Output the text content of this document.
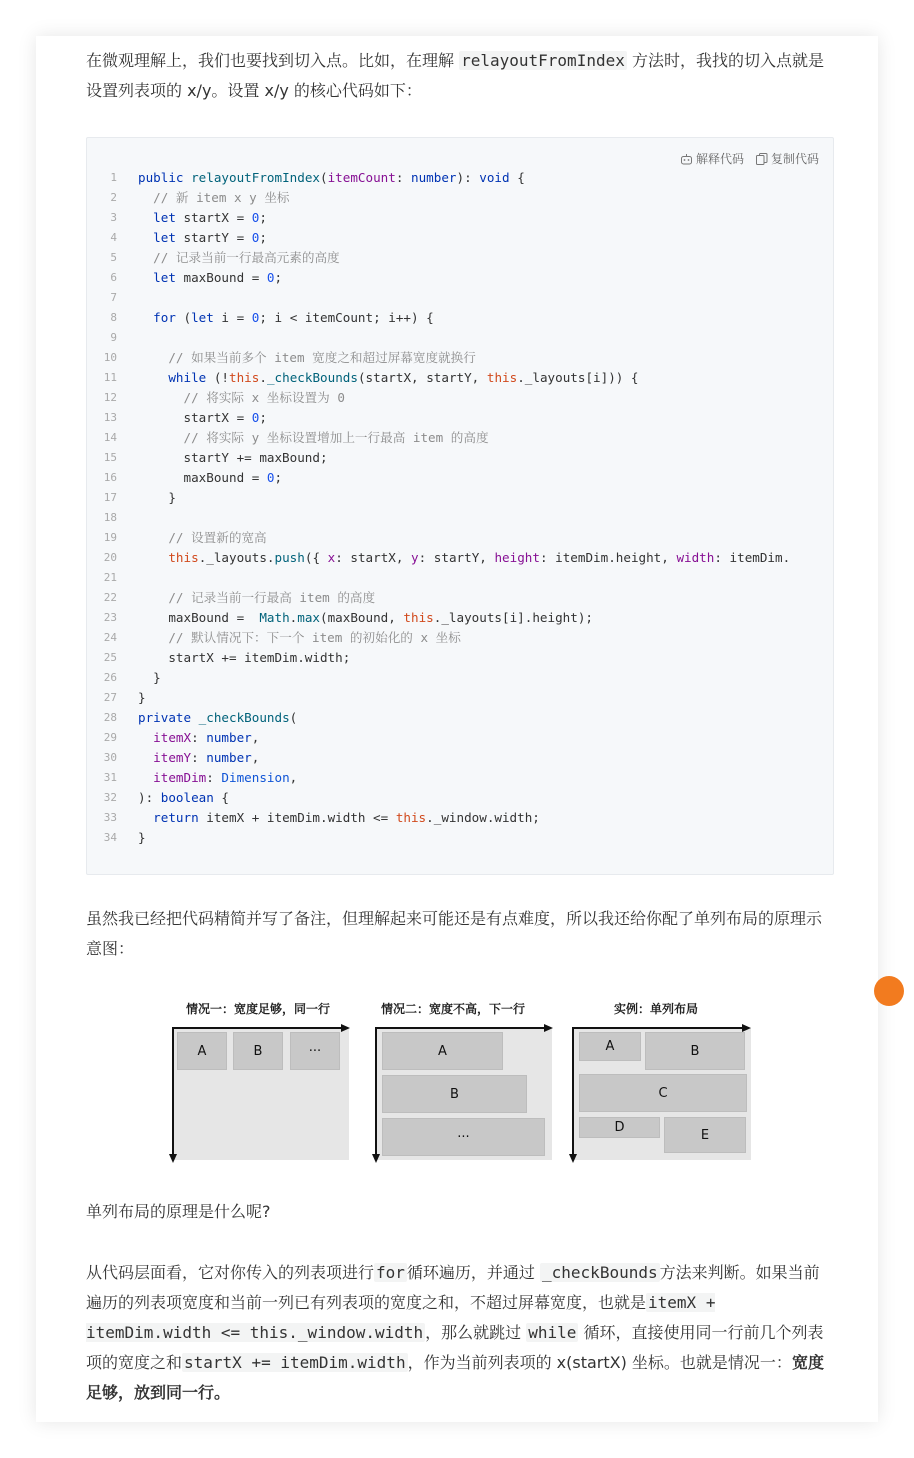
在微观理解上，我们也要找到切入点。比如，在理解 relayoutFromIndex 方法时，我找的切入点就是设置列表项的 x/y。设置 x/y 的核心代码如下：

解释代码 复制代码
1	public relayoutFromIndex(itemCount: number): void {
2	// 新 item x y 坐标
3	let startX = 0;
4	let startY = 0;
5	// 记录当前一行最高元素的高度
6	let maxBound = 0;
7
8	for (let i = 0; i < itemCount; i++) {
9
10	// 如果当前多个 item 宽度之和超过屏幕宽度就换行
11	while (!this._checkBounds(startX, startY, this._layouts[i])) {
12	// 将实际 x 坐标设置为 0
13	startX = 0;
14	// 将实际 y 坐标设置增加上一行最高 item 的高度
15	startY += maxBound;
16	maxBound = 0;
17	}
18
19	// 设置新的宽高
20	this._layouts.push({ x: startX, y: startY, height: itemDim.height, width: itemDim.
21
22	// 记录当前一行最高 item 的高度
23	maxBound =  Math.max(maxBound, this._layouts[i].height);
24	// 默认情况下：下一个 item 的初始化的 x 坐标
25	startX += itemDim.width;
26	}
27	}
28	private _checkBounds(
29	itemX: number,
30	itemY: number,
31	itemDim: Dimension,
32	): boolean {
33	return itemX + itemDim.width <= this._window.width;
34	}

虽然我已经把代码精简并写了备注，但理解起来可能还是有点难度，所以我还给你配了单列布局的原理示意图：

情况一：宽度足够，同一行
A	B	···
情况二：宽度不高，下一行
A
B
···
实例：单列布局
A	B
C
D	E

单列布局的原理是什么呢?

从代码层面看，它对你传入的列表项进行 for 循环遍历，并通过 _checkBounds 方法来判断。如果当前遍历的列表项宽度和当前一列已有列表项的宽度之和，不超过屏幕宽度，也就是 itemX + itemDim.width <= this._window.width ，那么就跳过 while 循环，直接使用同一行前几个列表项的宽度之和 startX += itemDim.width ，作为当前列表项的 x(startX) 坐标。也就是情况一：宽度足够，放到同一行。
